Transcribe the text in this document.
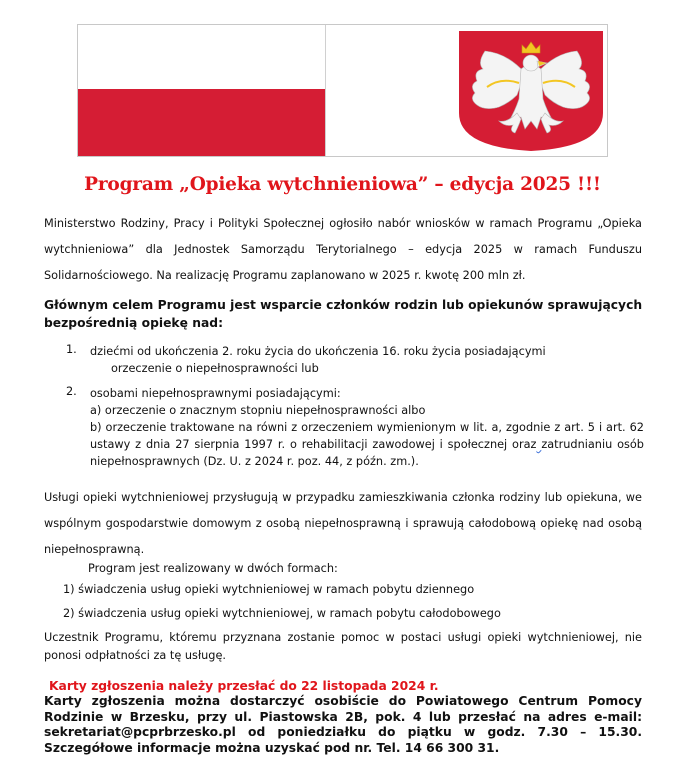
Program „Opieka wytchnieniowa” – edycja 2025 !!!
Ministerstwo Rodziny, Pracy i Polityki Społecznej ogłosiło nabór wniosków w ramach Programu „Opieka wytchnieniowa” dla Jednostek Samorządu Terytorialnego – edycja 2025 w ramach Funduszu Solidarnościowego. Na realizację Programu zaplanowano w 2025 r. kwotę 200 mln zł.
Głównym celem Programu jest wsparcie członków rodzin lub opiekunów sprawujących bezpośrednią opiekę nad:
1. dziećmi od ukończenia 2. roku życia do ukończenia 16. roku życia posiadającymi
orzeczenie o niepełnosprawności lub
2. osobami niepełnosprawnymi posiadającymi:
a) orzeczenie o znacznym stopniu niepełnosprawności albo
b) orzeczenie traktowane na równi z orzeczeniem wymienionym w lit. a, zgodnie z art. 5 i art. 62 ustawy z dnia 27 sierpnia 1997 r. o rehabilitacji zawodowej i społecznej oraz zatrudnianiu osób niepełnosprawnych (Dz. U. z 2024 r. poz. 44, z późn. zm.).
Usługi opieki wytchnieniowej przysługują w przypadku zamieszkiwania członka rodziny lub opiekuna, we wspólnym gospodarstwie domowym z osobą niepełnosprawną i sprawują całodobową opiekę nad osobą niepełnosprawną.
Program jest realizowany w dwóch formach:
1) świadczenia usług opieki wytchnieniowej w ramach pobytu dziennego
2) świadczenia usług opieki wytchnieniowej, w ramach pobytu całodobowego
Uczestnik Programu, któremu przyznana zostanie pomoc w postaci usługi opieki wytchnieniowej, nie ponosi odpłatności za tę usługę.
Karty zgłoszenia należy przesłać do 22 listopada 2024 r.
Karty zgłoszenia można dostarczyć osobiście do Powiatowego Centrum Pomocy Rodzinie w Brzesku, przy ul. Piastowska 2B, pok. 4 lub przesłać na adres e-mail: sekretariat@pcprbrzesko.pl od poniedziałku do piątku w godz. 7.30 – 15.30. Szczegółowe informacje można uzyskać pod nr. Tel. 14 66 300 31.
